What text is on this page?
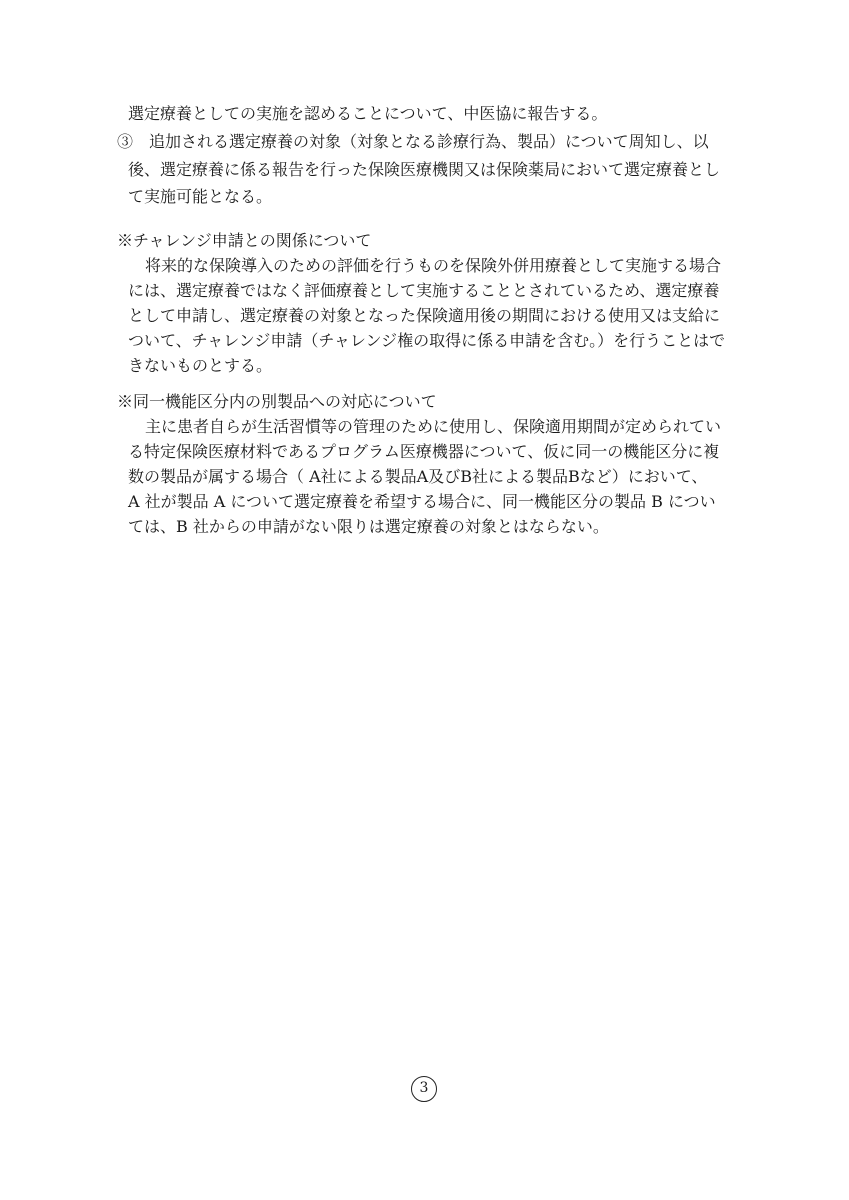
選定療養としての実施を認めることについて、中医協に報告する。
③　追加される選定療養の対象（対象となる診療行為、製品）について周知し、以
後、選定療養に係る報告を行った保険医療機関又は保険薬局において選定療養とし
て実施可能となる。
※チャレンジ申請との関係について
将来的な保険導入のための評価を行うものを保険外併用療養として実施する場合
には、選定療養ではなく評価療養として実施することとされているため、選定療養
として申請し、選定療養の対象となった保険適用後の期間における使用又は支給に
ついて、チャレンジ申請（チャレンジ権の取得に係る申請を含む。）を行うことはで
きないものとする。
※同一機能区分内の別製品への対応について
主に患者自らが生活習慣等の管理のために使用し、保険適用期間が定められてい
る特定保険医療材料であるプログラム医療機器について、仮に同一の機能区分に複
数の製品が属する場合（ A社による製品A及びB社による製品Bなど）において、
A 社が製品 A について選定療養を希望する場合に、同一機能区分の製品 B につい
ては、B 社からの申請がない限りは選定療養の対象とはならない。
3
